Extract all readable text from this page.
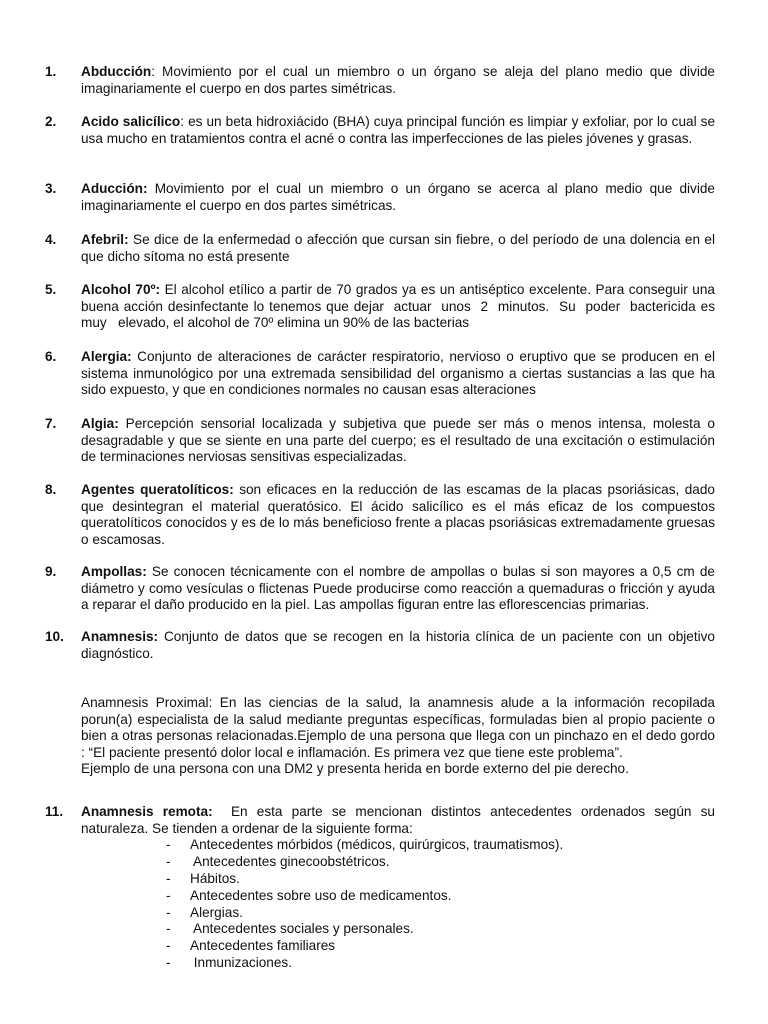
1. Abducción: Movimiento por el cual un miembro o un órgano se aleja del plano medio que divide imaginariamente el cuerpo en dos partes simétricas.
2. Acido salicílico: es un beta hidroxiácido (BHA) cuya principal función es limpiar y exfoliar, por lo cual se usa mucho en tratamientos contra el acné o contra las imperfecciones de las pieles jóvenes y grasas.
3. Aducción: Movimiento por el cual un miembro o un órgano se acerca al plano medio que divide imaginariamente el cuerpo en dos partes simétricas.
4. Afebril: Se dice de la enfermedad o afección que cursan sin fiebre, o del período de una dolencia en el que dicho sítoma no está presente
5. Alcohol 70º: El alcohol etílico a partir de 70 grados ya es un antiséptico excelente. Para conseguir una buena acción desinfectante lo tenemos que dejar  actuar  unos  2  minutos.  Su  poder  bactericida es   muy   elevado, el alcohol de 70º elimina un 90% de las bacterias
6. Alergia: Conjunto de alteraciones de carácter respiratorio, nervioso o eruptivo que se producen en el sistema inmunológico por una extremada sensibilidad del organismo a ciertas sustancias a las que ha sido expuesto, y que en condiciones normales no causan esas alteraciones
7. Algia: Percepción sensorial localizada y subjetiva que puede ser más o menos intensa, molesta o desagradable y que se siente en una parte del cuerpo; es el resultado de una excitación o estimulación de terminaciones nerviosas sensitivas especializadas.
8. Agentes queratolíticos: son eficaces en la reducción de las escamas de la placas psoriásicas, dado que desintegran el material queratósico. El ácido salicílico es el más eficaz de los compuestos queratolíticos conocidos y es de lo más beneficioso frente a placas psoriásicas extremadamente gruesas o escamosas.
9. Ampollas: Se conocen técnicamente con el nombre de ampollas o bulas si son mayores a 0,5 cm de diámetro y como vesículas o flictenas Puede producirse como reacción a quemaduras o fricción y ayuda a reparar el daño producido en la piel. Las ampollas figuran entre las eflorescencias primarias.
10. Anamnesis: Conjunto de datos que se recogen en la historia clínica de un paciente con un objetivo diagnóstico.
Anamnesis Proximal: En las ciencias de la salud, la anamnesis alude a la información recopilada porun(a) especialista de la salud mediante preguntas específicas, formuladas bien al propio paciente o bien a otras personas relacionadas.Ejemplo de una persona que llega con un pinchazo en el dedo gordo : “El paciente presentó dolor local e inflamación. Es primera vez que tiene este problema”.
Ejemplo de una persona con una DM2 y presenta herida en borde externo del pie derecho.
11. Anamnesis remota:  En esta parte se mencionan distintos antecedentes ordenados según su naturaleza. Se tienden a ordenar de la siguiente forma:
- Antecedentes mórbidos (médicos, quirúrgicos, traumatismos).
- Antecedentes ginecoobstétricos.
- Hábitos.
- Antecedentes sobre uso de medicamentos.
- Alergias.
- Antecedentes sociales y personales.
- Antecedentes familiares
- Inmunizaciones.
